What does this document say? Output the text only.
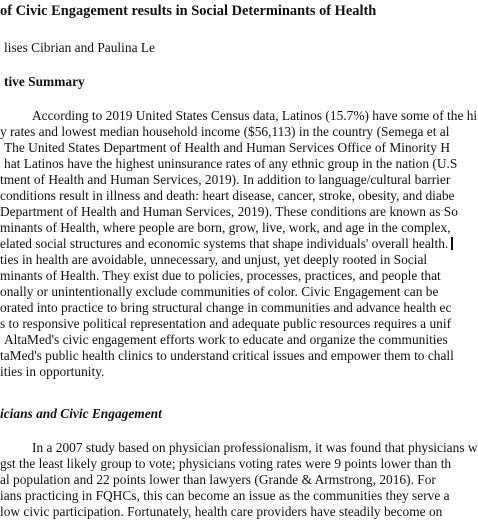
of Civic Engagement results in Social Determinants of Health
lises Cibrian and Paulina Le
tive Summary
According to 2019 United States Census data, Latinos (15.7%) have some of the hi
y rates and lowest median household income ($56,113) in the country (Semega et al
The United States Department of Health and Human Services Office of Minority H
hat Latinos have the highest uninsurance rates of any ethnic group in the nation (U.S
tment of Health and Human Services, 2019). In addition to language/cultural barrier
conditions result in illness and death: heart disease, cancer, stroke, obesity, and diabe
Department of Health and Human Services, 2019). These conditions are known as So
minants of Health, where people are born, grow, live, work, and age in the complex,
elated social structures and economic systems that shape individuals' overall health.
ties in health are avoidable, unnecessary, and unjust, yet deeply rooted in Social
minants of Health. They exist due to policies, processes, practices, and people that
onally or unintentionally exclude communities of color. Civic Engagement can be
orated into practice to bring structural change in communities and advance health ec
s to responsive political representation and adequate public resources requires a unif
AltaMed's civic engagement efforts work to educate and organize the communities
taMed's public health clinics to understand critical issues and empower them to chall
ities in opportunity.
icians and Civic Engagement
In a 2007 study based on physician professionalism, it was found that physicians w
gst the least likely group to vote; physicians voting rates were 9 points lower than th
al population and 22 points lower than lawyers (Grande & Armstrong, 2016). For
ians practicing in FQHCs, this can become an issue as the communities they serve a
low civic participation. Fortunately, health care providers have steadily become on
